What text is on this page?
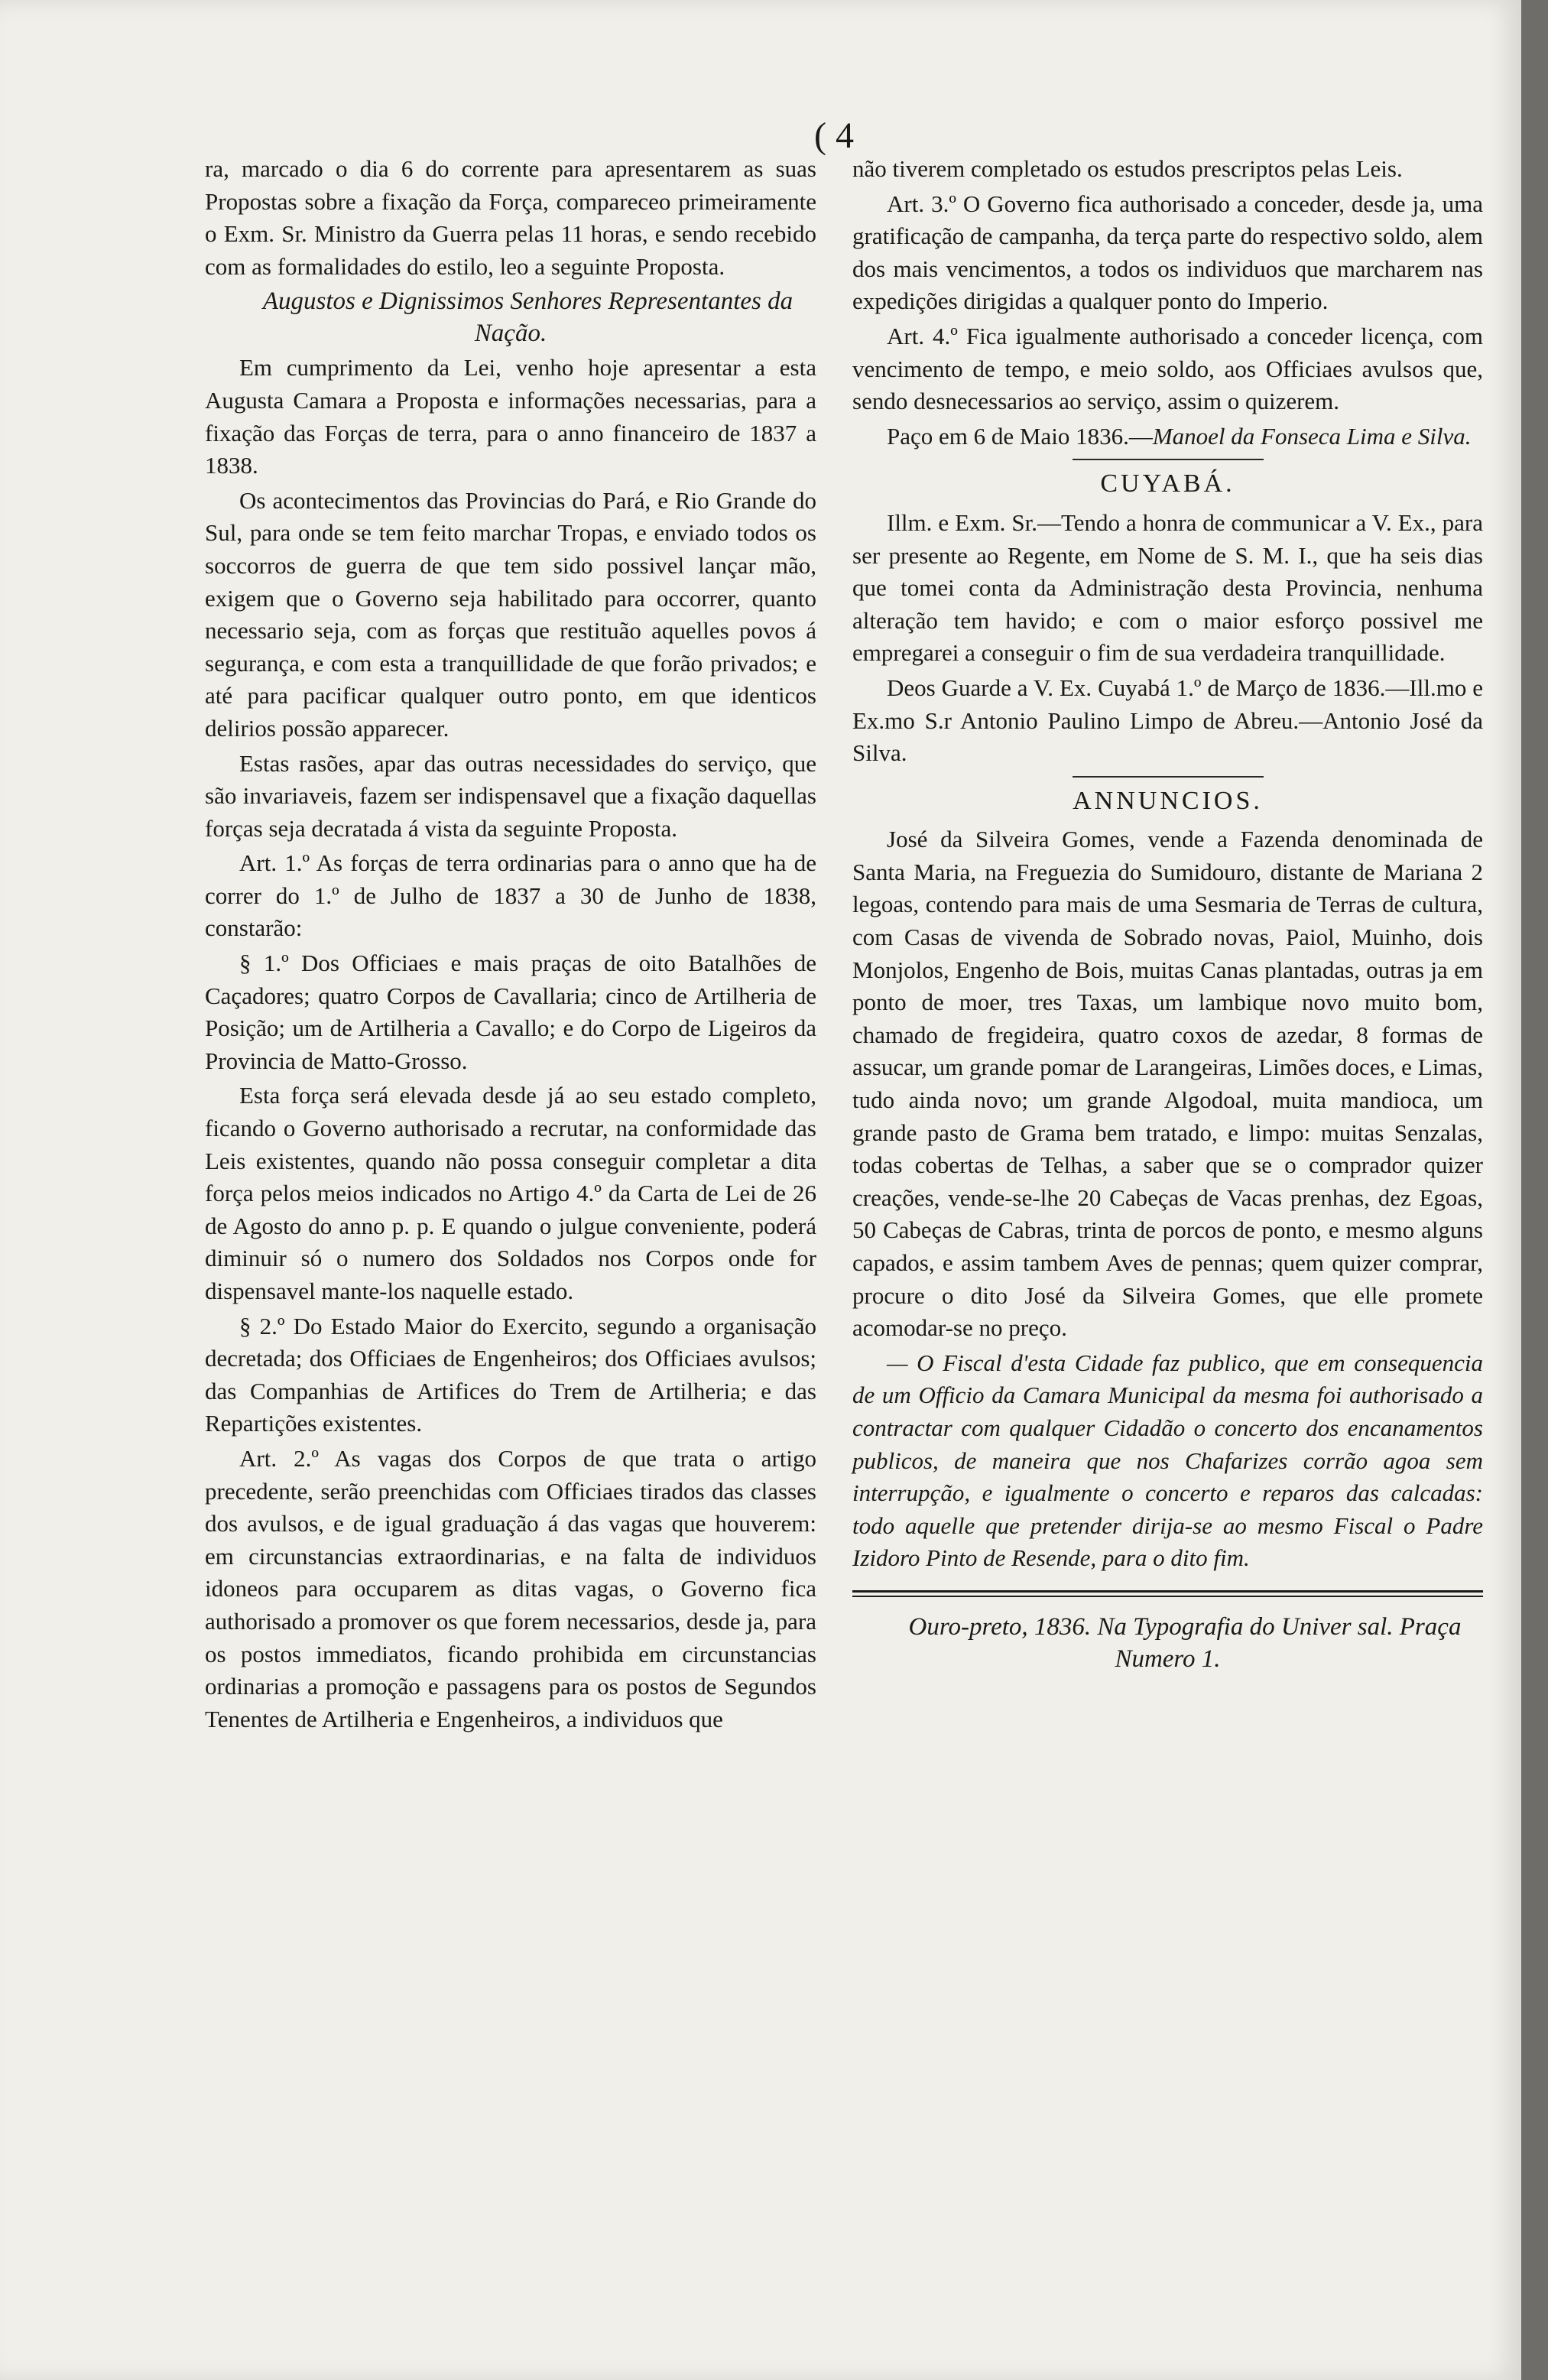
( 4

ra, marcado o dia 6 do corrente para apresentarem as suas Propostas sobre a fixação da Força, compareceo primeiramente o Exm. Sr. Ministro da Guerra pelas 11 horas, e sendo recebido com as formalidades do estilo, leo a seguinte Proposta.

Augustos e Dignissimos Senhores Representantes da Nação.

Em cumprimento da Lei, venho hoje apresentar a esta Augusta Camara a Proposta e informações necessarias, para a fixação das Forças de terra, para o anno financeiro de 1837 a 1838.

Os acontecimentos das Provincias do Pará, e Rio Grande do Sul, para onde se tem feito marchar Tropas, e enviado todos os soccorros de guerra de que tem sido possivel lançar mão, exigem que o Governo seja habilitado para occorrer, quanto necessario seja, com as forças que restituão aquelles povos á segurança, e com esta a tranquillidade de que forão privados; e até para pacificar qualquer outro ponto, em que identicos delirios possão apparecer.

Estas rasões, apar das outras necessidades do serviço, que são invariaveis, fazem ser indispensavel que a fixação daquellas forças seja decratada á vista da seguinte Proposta.

Art. 1.º As forças de terra ordinarias para o anno que ha de correr do 1.º de Julho de 1837 a 30 de Junho de 1838, constarão:

§ 1.º Dos Officiaes e mais praças de oito Batalhões de Caçadores; quatro Corpos de Cavallaria; cinco de Artilheria de Posição; um de Artilheria a Cavallo; e do Corpo de Ligeiros da Provincia de Matto-Grosso.

Esta força será elevada desde já ao seu estado completo, ficando o Governo authorisado a recrutar, na conformidade das Leis existentes, quando não possa conseguir completar a dita força pelos meios indicados no Artigo 4.º da Carta de Lei de 26 de Agosto do anno p. p. E quando o julgue conveniente, poderá diminuir só o numero dos Soldados nos Corpos onde for dispensavel mante-los naquelle estado.

§ 2.º Do Estado Maior do Exercito, segundo a organisação decretada; dos Officiaes de Engenheiros; dos Officiaes avulsos; das Companhias de Artifices do Trem de Artilheria; e das Repartições existentes.

Art. 2.º As vagas dos Corpos de que trata o artigo precedente, serão preenchidas com Officiaes tirados das classes dos avulsos, e de igual graduação á das vagas que houverem: em circunstancias extraordinarias, e na falta de individuos idoneos para occuparem as ditas vagas, o Governo fica authorisado a promover os que forem necessarios, desde ja, para os postos immediatos, ficando prohibida em circunstancias ordinarias a promoção e passagens para os postos de Segundos Tenentes de Artilheria e Engenheiros, a individuos que

não tiverem completado os estudos prescriptos pelas Leis.

Art. 3.º O Governo fica authorisado a conceder, desde ja, uma gratificação de campanha, da terça parte do respectivo soldo, alem dos mais vencimentos, a todos os individuos que marcharem nas expedições dirigidas a qualquer ponto do Imperio.

Art. 4.º Fica igualmente authorisado a conceder licença, com vencimento de tempo, e meio soldo, aos Officiaes avulsos que, sendo desnecessarios ao serviço, assim o quizerem.

Paço em 6 de Maio 1836.—Manoel da Fonseca Lima e Silva.

CUYABÁ.

Illm. e Exm. Sr.—Tendo a honra de communicar a V. Ex., para ser presente ao Regente, em Nome de S. M. I., que ha seis dias que tomei conta da Administração desta Provincia, nenhuma alteração tem havido; e com o maior esforço possivel me empregarei a conseguir o fim de sua verdadeira tranquillidade.

Deos Guarde a V. Ex. Cuyabá 1.º de Março de 1836.—Ill.mo e Ex.mo S.r Antonio Paulino Limpo de Abreu.—Antonio José da Silva.

ANNUNCIOS.

José da Silveira Gomes, vende a Fazenda denominada de Santa Maria, na Freguezia do Sumidouro, distante de Mariana 2 legoas, contendo para mais de uma Sesmaria de Terras de cultura, com Casas de vivenda de Sobrado novas, Paiol, Muinho, dois Monjolos, Engenho de Bois, muitas Canas plantadas, outras ja em ponto de moer, tres Taxas, um lambique novo muito bom, chamado de fregideira, quatro coxos de azedar, 8 formas de assucar, um grande pomar de Larangeiras, Limões doces, e Limas, tudo ainda novo; um grande Algodoal, muita mandioca, um grande pasto de Grama bem tratado, e limpo: muitas Senzalas, todas cobertas de Telhas, a saber que se o comprador quizer creações, vende-se-lhe 20 Cabeças de Vacas prenhas, dez Egoas, 50 Cabeças de Cabras, trinta de porcos de ponto, e mesmo alguns capados, e assim tambem Aves de pennas; quem quizer comprar, procure o dito José da Silveira Gomes, que elle promete acomodar-se no preço.

— O Fiscal d'esta Cidade faz publico, que em consequencia de um Officio da Camara Municipal da mesma foi authorisado a contractar com qualquer Cidadão o concerto dos encanamentos publicos, de maneira que nos Chafarizes corrão agoa sem interrupção, e igualmente o concerto e reparos das calcadas: todo aquelle que pretender dirija-se ao mesmo Fiscal o Padre Izidoro Pinto de Resende, para o dito fim.

Ouro-preto, 1836. Na Typografia do Univer sal. Praça Numero 1.
